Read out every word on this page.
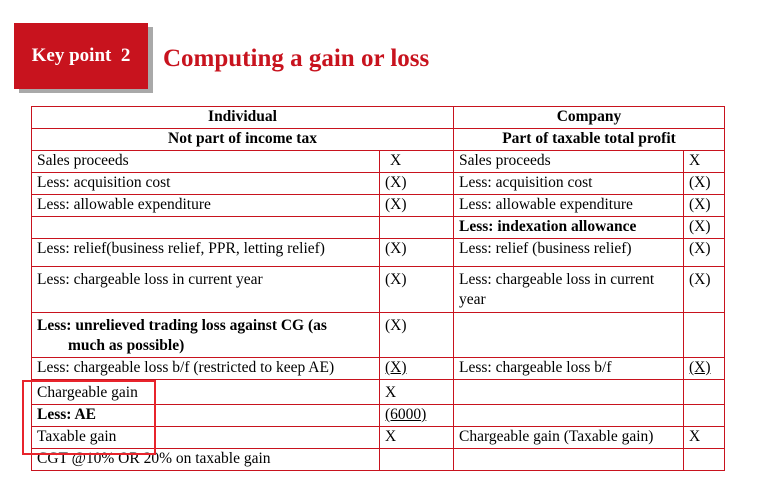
Key point  2	Computing a gain or loss
Individual		Company	
Not part of income tax		Part of taxable total profit	
Sales proceeds	X	Sales proceeds	X
Less: acquisition cost	(X)	Less: acquisition cost	(X)
Less: allowable expenditure	(X)	Less: allowable expenditure	(X)
		Less: indexation allowance	(X)
Less: relief(business relief, PPR, letting relief)	(X)	Less: relief (business relief)	(X)
Less: chargeable loss in current year	(X)	Less: chargeable loss in current year	(X)
Less: unrelieved trading loss against CG (as
much as possible)	(X)		
Less: chargeable loss b/f (restricted to keep AE)	(X)	Less: chargeable loss b/f	(X)
Chargeable gain	X		
Less: AE	(6000)		
Taxable gain	X	Chargeable gain (Taxable gain)	X
CGT @10% OR 20% on taxable gain			
